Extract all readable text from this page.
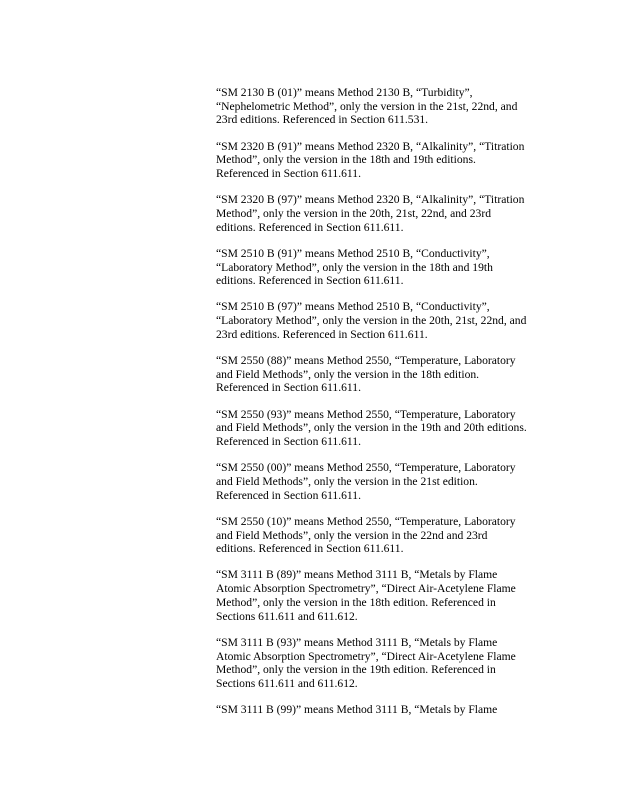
“SM 2130 B (01)” means Method 2130 B, “Turbidity”,
“Nephelometric Method”, only the version in the 21st, 22nd, and
23rd editions. Referenced in Section 611.531.

“SM 2320 B (91)” means Method 2320 B, “Alkalinity”, “Titration
Method”, only the version in the 18th and 19th editions.
Referenced in Section 611.611.

“SM 2320 B (97)” means Method 2320 B, “Alkalinity”, “Titration
Method”, only the version in the 20th, 21st, 22nd, and 23rd
editions. Referenced in Section 611.611.

“SM 2510 B (91)” means Method 2510 B, “Conductivity”,
“Laboratory Method”, only the version in the 18th and 19th
editions. Referenced in Section 611.611.

“SM 2510 B (97)” means Method 2510 B, “Conductivity”,
“Laboratory Method”, only the version in the 20th, 21st, 22nd, and
23rd editions. Referenced in Section 611.611.

“SM 2550 (88)” means Method 2550, “Temperature, Laboratory
and Field Methods”, only the version in the 18th edition.
Referenced in Section 611.611.

“SM 2550 (93)” means Method 2550, “Temperature, Laboratory
and Field Methods”, only the version in the 19th and 20th editions.
Referenced in Section 611.611.

“SM 2550 (00)” means Method 2550, “Temperature, Laboratory
and Field Methods”, only the version in the 21st edition.
Referenced in Section 611.611.

“SM 2550 (10)” means Method 2550, “Temperature, Laboratory
and Field Methods”, only the version in the 22nd and 23rd
editions. Referenced in Section 611.611.

“SM 3111 B (89)” means Method 3111 B, “Metals by Flame
Atomic Absorption Spectrometry”, “Direct Air-Acetylene Flame
Method”, only the version in the 18th edition. Referenced in
Sections 611.611 and 611.612.

“SM 3111 B (93)” means Method 3111 B, “Metals by Flame
Atomic Absorption Spectrometry”, “Direct Air-Acetylene Flame
Method”, only the version in the 19th edition. Referenced in
Sections 611.611 and 611.612.

“SM 3111 B (99)” means Method 3111 B, “Metals by Flame
